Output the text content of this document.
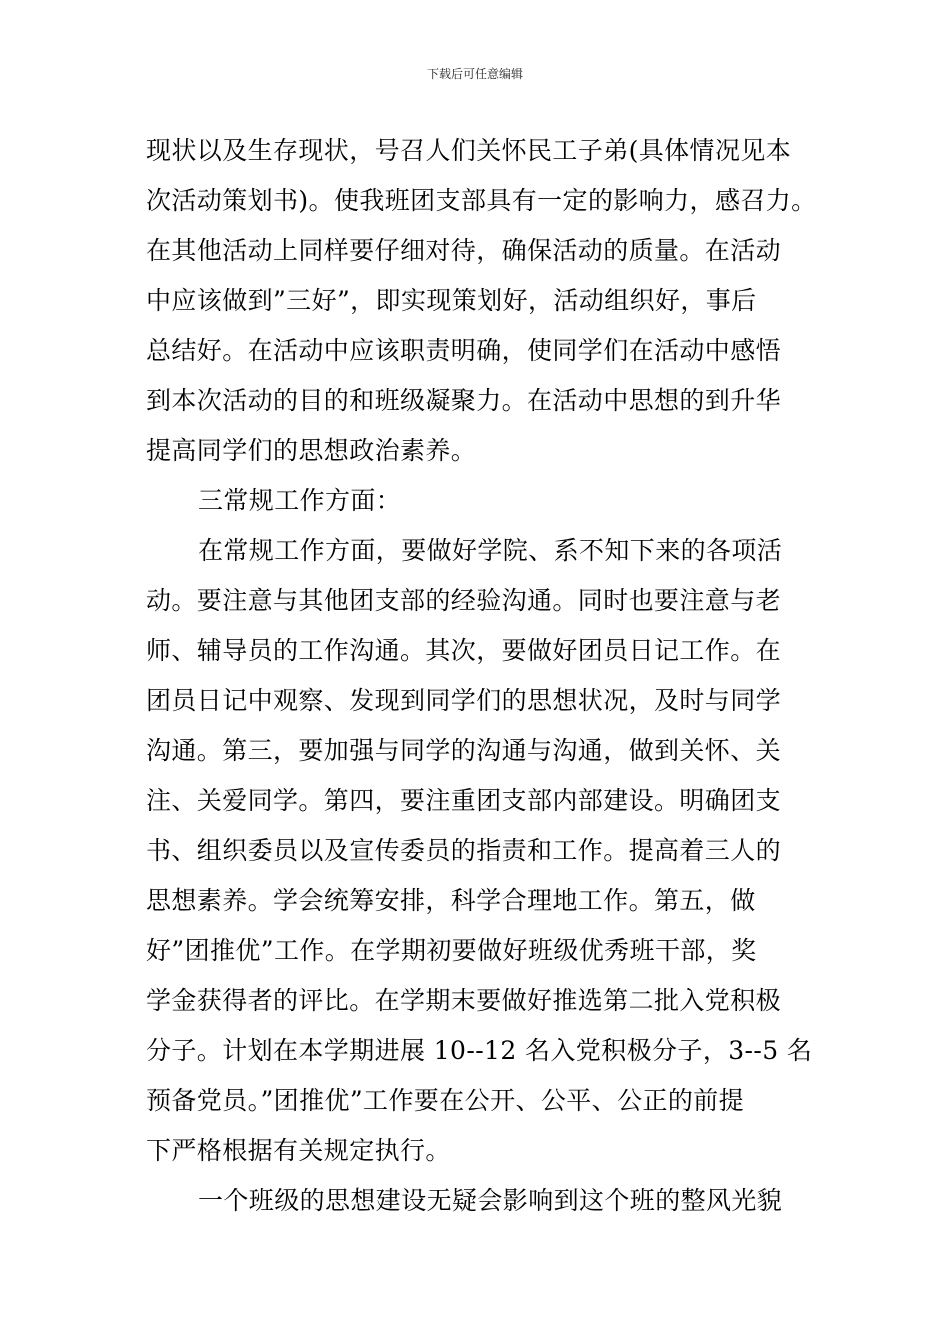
下载后可任意编辑
现状以及生存现状，号召人们关怀民工子弟(具体情况见本
次活动策划书)。使我班团支部具有一定的影响力，感召力。
在其他活动上同样要仔细对待，确保活动的质量。在活动
中应该做到”三好”，即实现策划好，活动组织好，事后
总结好。在活动中应该职责明确，使同学们在活动中感悟
到本次活动的目的和班级凝聚力。在活动中思想的到升华
提高同学们的思想政治素养。
三常规工作方面：
在常规工作方面，要做好学院、系不知下来的各项活
动。要注意与其他团支部的经验沟通。同时也要注意与老
师、辅导员的工作沟通。其次，要做好团员日记工作。在
团员日记中观察、发现到同学们的思想状况，及时与同学
沟通。第三，要加强与同学的沟通与沟通，做到关怀、关
注、关爱同学。第四，要注重团支部内部建设。明确团支
书、组织委员以及宣传委员的指责和工作。提高着三人的
思想素养。学会统筹安排，科学合理地工作。第五，做
好”团推优”工作。在学期初要做好班级优秀班干部，奖
学金获得者的评比。在学期末要做好推选第二批入党积极
分子。计划在本学期进展 10--12 名入党积极分子，3--5 名
预备党员。”团推优”工作要在公开、公平、公正的前提
下严格根据有关规定执行。
一个班级的思想建设无疑会影响到这个班的整风光貌
